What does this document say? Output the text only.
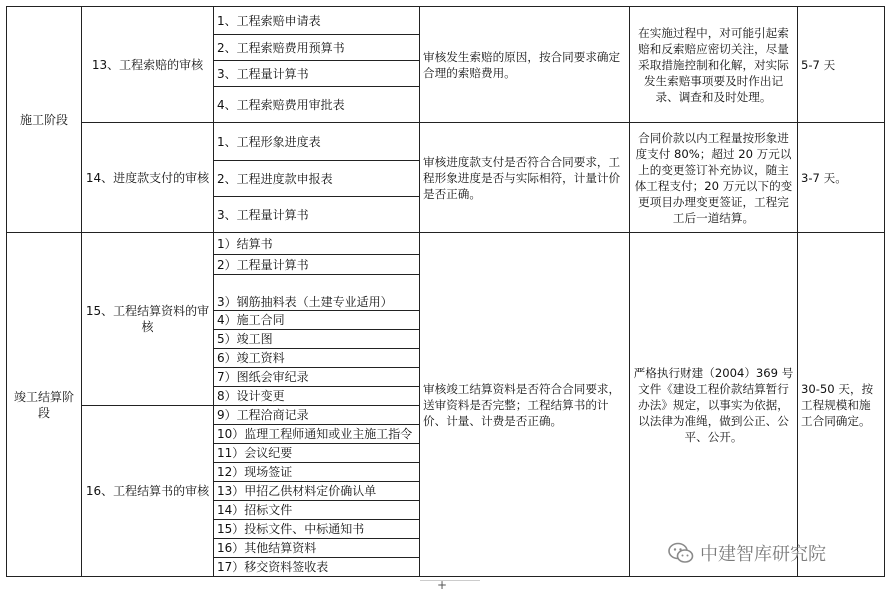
施工阶段	13、工程索赔的审核	1、工程索赔申请表	审核发生索赔的原因，按合同要求确定合理的索赔费用。	在实施过程中，对可能引起索赔和反索赔应密切关注，尽量采取措施控制和化解，对实际发生索赔事项要及时作出记录、调查和及时处理。	5-7 天
		2、工程索赔费用预算书			
		3、工程量计算书			
		4、工程索赔费用审批表			
	14、进度款支付的审核	1、工程形象进度表	审核进度款支付是否符合合同要求，工程形象进度是否与实际相符，计量计价是否正确。	合同价款以内工程量按形象进度支付 80%；超过 20 万元以上的变更签订补充协议，随主体工程支付；20 万元以下的变更项目办理变更签证，工程完工后一道结算。	3-7 天。
		2、工程进度款申报表			
		3、工程量计算书			
竣工结算阶段	15、工程结算资料的审核	1）结算书	审核竣工结算资料是否符合合同要求，送审资料是否完整；工程结算书的计价、计量、计费是否正确。	严格执行财建（2004）369 号文件《建设工程价款结算暂行办法》规定，以事实为依据，以法律为准绳，做到公正、公平、公开。	30-50 天，按工程规模和施工合同确定。
		2）工程量计算书			
		3）钢筋抽料表（土建专业适用）			
		4）施工合同			
		5）竣工图			
		6）竣工资料			
		7）图纸会审纪录			
		8）设计变更			
	16、工程结算书的审核	9）工程洽商记录			
		10）监理工程师通知或业主施工指令			
		11）会议纪要			
		12）现场签证			
		13）甲招乙供材料定价确认单			
		14）招标文件			
		15）投标文件、中标通知书			
		16）其他结算资料			
		17）移交资料签收表			
中建智库研究院
+
